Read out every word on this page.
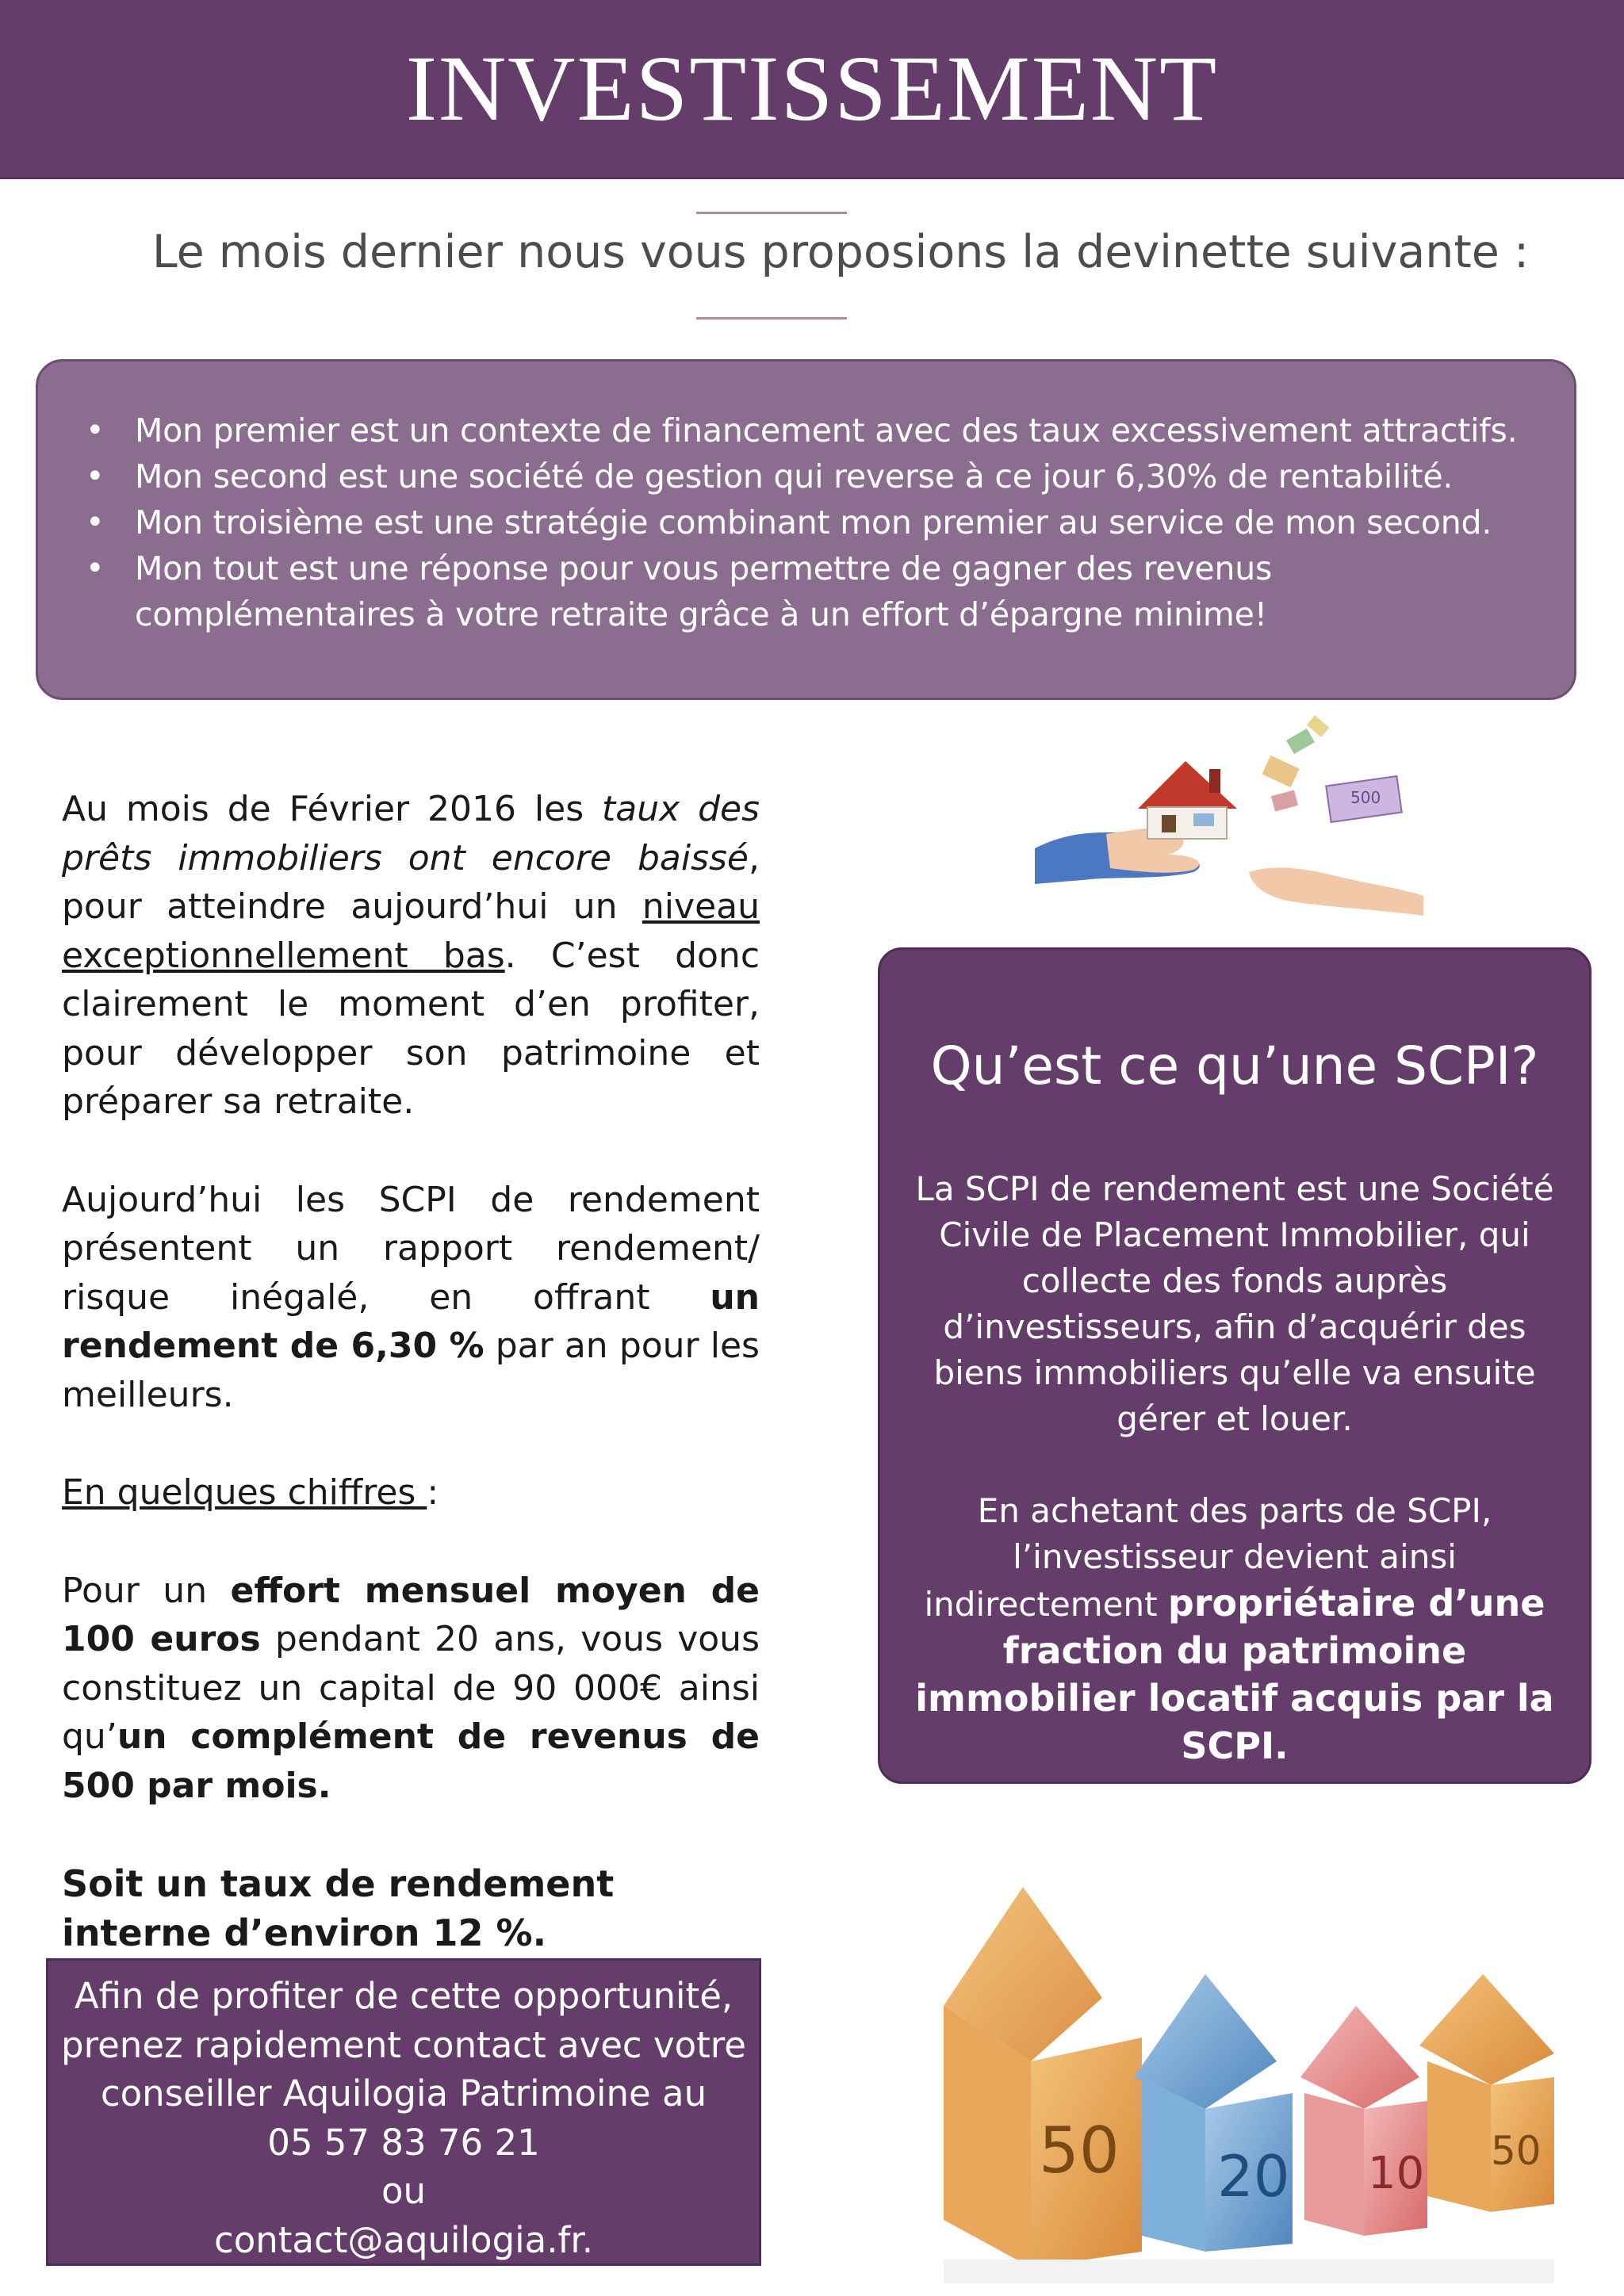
INVESTISSEMENT
Le mois dernier nous vous proposions la devinette suivante :
• Mon premier est un contexte de financement avec des taux excessivement attractifs.
• Mon second est une société de gestion qui reverse à ce jour 6,30% de rentabilité.
• Mon troisième est une stratégie combinant mon premier au service de mon second.
• Mon tout est une réponse pour vous permettre de gagner des revenus complémentaires à votre retraite grâce à un effort d’épargne minime!

Au mois de Février 2016 les taux des prêts immobiliers ont encore baissé, pour atteindre aujourd’hui un niveau exceptionnellement bas. C’est donc clairement le moment d’en profiter, pour développer son patrimoine et préparer sa retraite.

Aujourd’hui les SCPI de rendement présentent un rapport rendement/ risque inégalé, en offrant un rendement de 6,30 % par an pour les meilleurs.

En quelques chiffres :

Pour un effort mensuel moyen de 100 euros pendant 20 ans, vous vous constituez un capital de 90 000€ ainsi qu’un complément de revenus de 500 par mois.

Soit un taux de rendement interne d’environ 12 %.

Afin de profiter de cette opportunité,
prenez rapidement contact avec votre
conseiller Aquilogia Patrimoine au
05 57 83 76 21
ou
contact@aquilogia.fr.
500
Qu’est ce qu’une SCPI?

La SCPI de rendement est une Société Civile de Placement Immobilier, qui collecte des fonds auprès d’investisseurs, afin d’acquérir des biens immobiliers qu’elle va ensuite gérer et louer.

En achetant des parts de SCPI, l’investisseur devient ainsi indirectement propriétaire d’une fraction du patrimoine immobilier locatif acquis par la SCPI.

50 20 10 50
